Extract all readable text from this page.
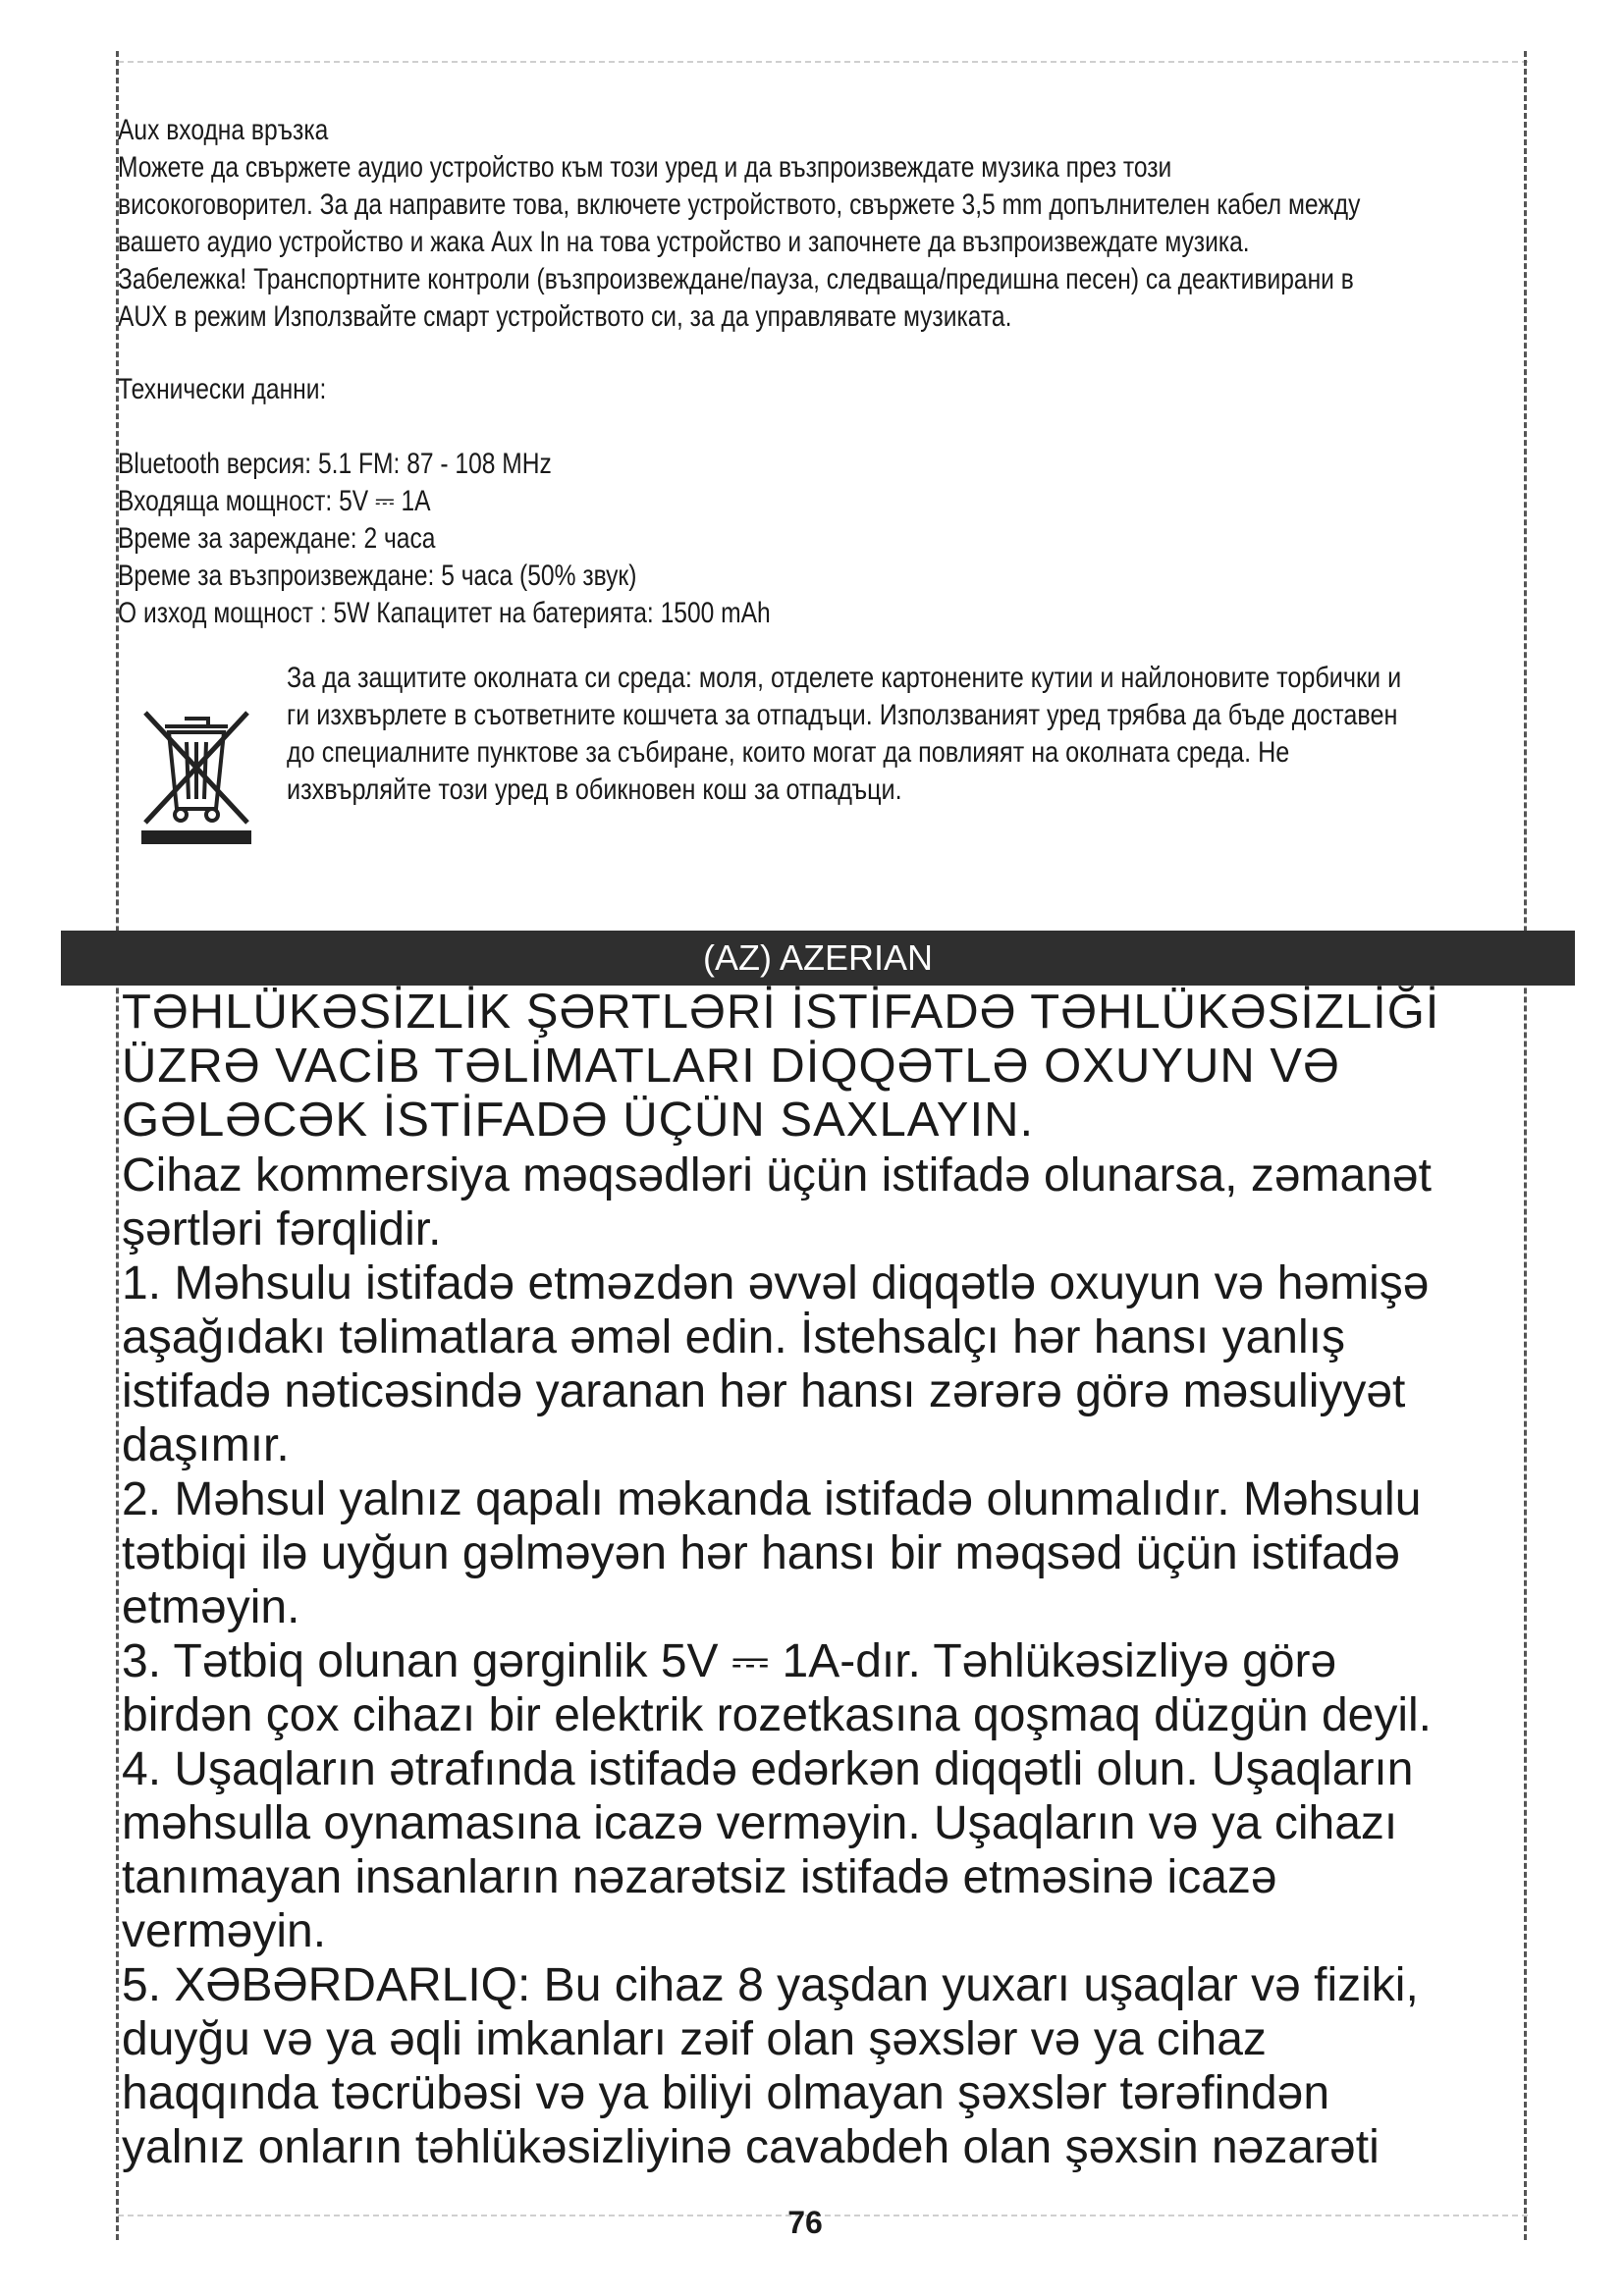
Aux входна връзка
Можете да свържете аудио устройство към този уред и да възпроизвеждате музика през този
високоговорител. За да направите това, включете устройството, свържете 3,5 mm допълнителен кабел между
вашето аудио устройство и жака Aux In на това устройство и започнете да възпроизвеждате музика.
Забележка! Транспортните контроли (възпроизвеждане/пауза, следваща/предишна песен) са деактивирани в
AUX в режим Използвайте смарт устройството си, за да управлявате музиката.
Технически данни:
Bluetooth версия: 5.1 FM: 87 - 108 MHz
Входяща мощност: 5V ⎓ 1A
Време за зареждане: 2 часа
Време за възпроизвеждане: 5 часа (50% звук)
О изход мощност : 5W Капацитет на батерията: 1500 mAh
За да защитите околната си среда: моля, отделете картонените кутии и найлоновите торбички и
ги изхвърлете в съответните кошчета за отпадъци. Използваният уред трябва да бъде доставен
до специалните пунктове за събиране, които могат да повлияят на околната среда. Не
изхвърляйте този уред в обикновен кош за отпадъци.
(AZ) AZERIAN
TƏHLÜKƏSİZLİK ŞƏRTLƏRİ İSTİFADƏ TƏHLÜKƏSİZLİĞİ
ÜZRƏ VACİB TƏLİMATLARI DİQQƏTLƏ OXUYUN VƏ
GƏLƏCƏK İSTİFADƏ ÜÇÜN SAXLAYIN.
Cihaz kommersiya məqsədləri üçün istifadə olunarsa, zəmanət
şərtləri fərqlidir.
1. Məhsulu istifadə etməzdən əvvəl diqqətlə oxuyun və həmişə
aşağıdakı təlimatlara əməl edin. İstehsalçı hər hansı yanlış
istifadə nəticəsində yaranan hər hansı zərərə görə məsuliyyət
daşımır.
2. Məhsul yalnız qapalı məkanda istifadə olunmalıdır. Məhsulu
tətbiqi ilə uyğun gəlməyən hər hansı bir məqsəd üçün istifadə
etməyin.
3. Tətbiq olunan gərginlik 5V ⎓ 1A-dır. Təhlükəsizliyə görə
birdən çox cihazı bir elektrik rozetkasına qoşmaq düzgün deyil.
4. Uşaqların ətrafında istifadə edərkən diqqətli olun. Uşaqların
məhsulla oynamasına icazə verməyin. Uşaqların və ya cihazı
tanımayan insanların nəzarətsiz istifadə etməsinə icazə
verməyin.
5. XƏBƏRDARLIQ: Bu cihaz 8 yaşdan yuxarı uşaqlar və fiziki,
duyğu və ya əqli imkanları zəif olan şəxslər və ya cihaz
haqqında təcrübəsi və ya biliyi olmayan şəxslər tərəfindən
yalnız onların təhlükəsizliyinə cavabdeh olan şəxsin nəzarəti
76
